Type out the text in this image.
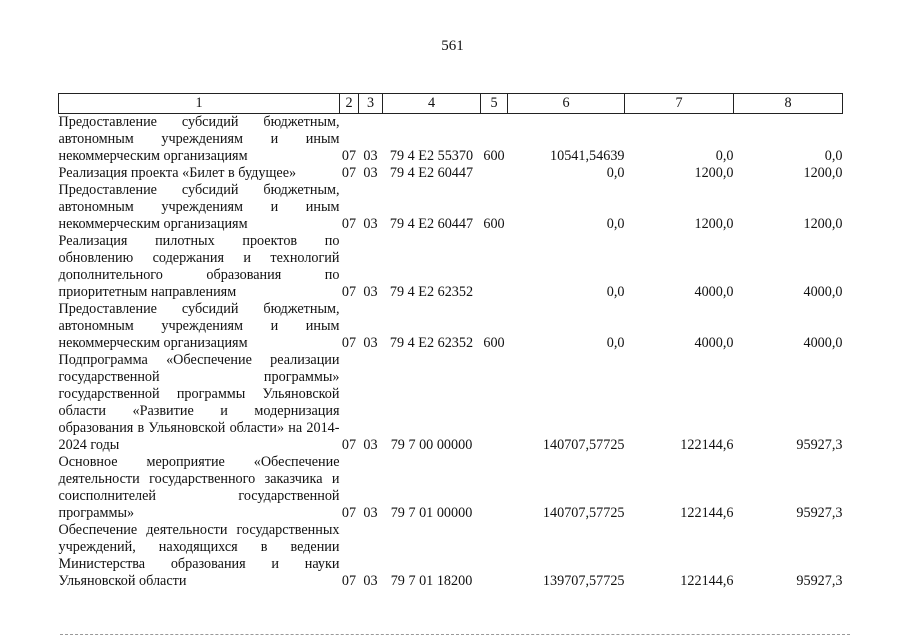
561
1	2	3	4	5	6	7	8
Предоставление субсидий бюджетным, автономным учреждениям и иным некоммерческим организациям	07	03	79 4 E2 55370	600	10541,54639	0,0	0,0
Реализация проекта «Билет в будущее»	07	03	79 4 E2 60447		0,0	1200,0	1200,0
Предоставление субсидий бюджетным, автономным учреждениям и иным некоммерческим организациям	07	03	79 4 E2 60447	600	0,0	1200,0	1200,0
Реализация пилотных проектов по обновлению содержания и технологий дополнительного образования по приоритетным направлениям	07	03	79 4 E2 62352		0,0	4000,0	4000,0
Предоставление субсидий бюджетным, автономным учреждениям и иным некоммерческим организациям	07	03	79 4 E2 62352	600	0,0	4000,0	4000,0
Подпрограмма «Обеспечение реализации государственной программы» государственной программы Ульяновской области «Развитие и модернизация образования в Ульяновской области» на 2014-2024 годы	07	03	79 7 00 00000		140707,57725	122144,6	95927,3
Основное мероприятие «Обеспечение деятельности государственного заказчика и соисполнителей государственной программы»	07	03	79 7 01 00000		140707,57725	122144,6	95927,3
Обеспечение деятельности государственных учреждений, находящихся в ведении Министерства образования и науки Ульяновской области	07	03	79 7 01 18200		139707,57725	122144,6	95927,3
